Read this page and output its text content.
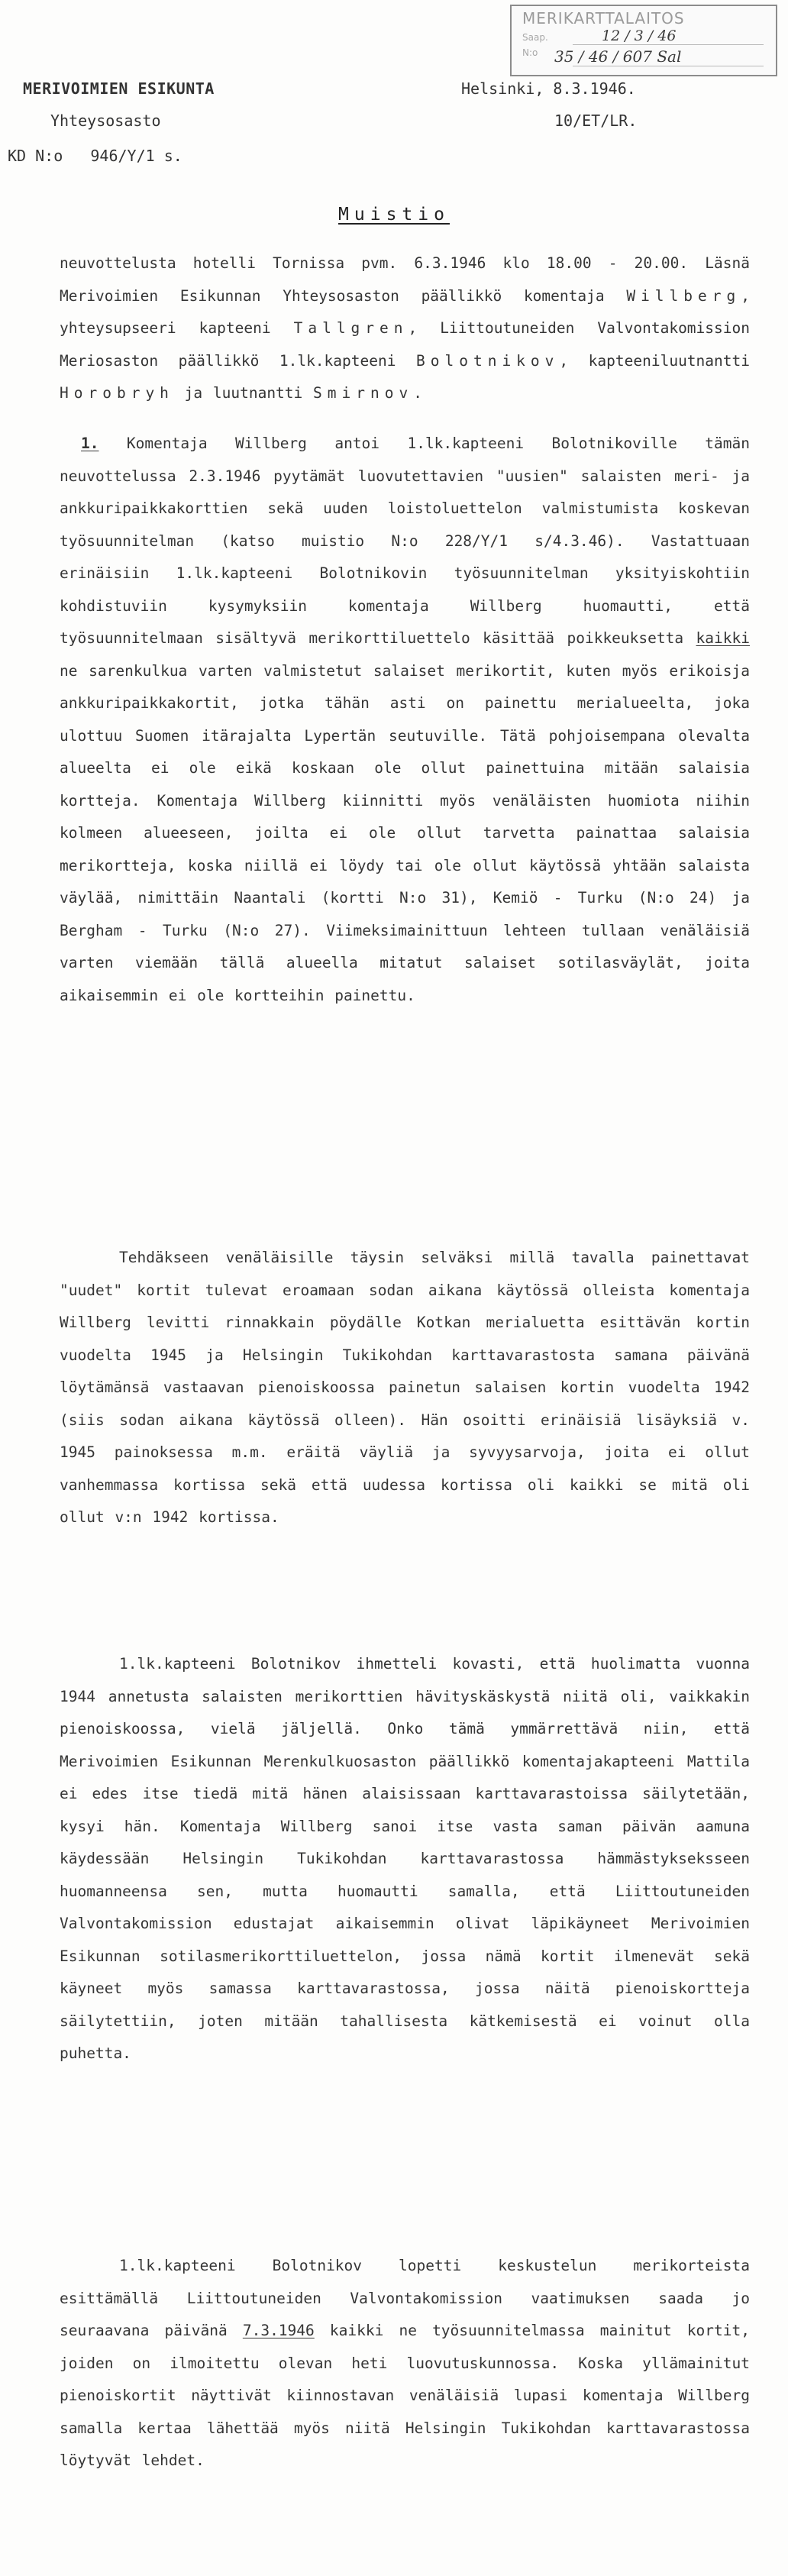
MERIKARTTALAITOS
Saap.
N:o
12 / 3 / 46
35 / 46 / 607 Sal
MERIVOIMIEN ESIKUNTA
Yhteysosasto
KD N:o   946/Y/1 s.
Helsinki, 8.3.1946.
10/ET/LR.
Muistio

neuvottelusta hotelli Tornissa pvm. 6.3.1946 klo 18.00 - 20.00. Läsnä Merivoimien Esikunnan Yhteysosaston päällikkö komentaja Willberg, yhteysupseeri kapteeni Tallgren, Liittoutuneiden Valvontakomission Meriosaston päällikkö 1.lk.kapteeni Bolotnikov, kapteeniluutnantti Horobryh ja luutnantti Smirnov.

1. Komentaja Willberg antoi 1.lk.kapteeni Bolotnikoville tämän neuvottelussa 2.3.1946 pyytämät luovutettavien "uusien" salaisten meri- ja ankkuripaikkakorttien sekä uuden loistoluettelon valmistumista koskevan työsuunnitelman (katso muistio N:o 228/Y/1 s/4.3.46). Vastattuaan erinäisiin 1.lk.kapteeni Bolotnikovin työsuunnitelman yksityiskohtiin kohdistuviin kysymyksiin komentaja Willberg huomautti, että työsuunnitelmaan sisältyvä merikorttiluettelo käsittää poikkeuksetta kaikki ne sarenkulkua varten valmistetut salaiset merikortit, kuten myös erikoisja ankkuripaikkakortit, jotka tähän asti on painettu merialueelta, joka ulottuu Suomen itärajalta Lypertän seutuville. Tätä pohjoisempana olevalta alueelta ei ole eikä koskaan ole ollut painettuina mitään salaisia kortteja. Komentaja Willberg kiinnitti myös venäläisten huomiota niihin kolmeen alueeseen, joilta ei ole ollut tarvetta painattaa salaisia merikortteja, koska niillä ei löydy tai ole ollut käytössä yhtään salaista väylää, nimittäin Naantali (kortti N:o 31), Kemiö - Turku (N:o 24) ja Bergham - Turku (N:o 27). Viimeksimainittuun lehteen tullaan venäläisiä varten viemään tällä alueella mitatut salaiset sotilasväylät, joita aikaisemmin ei ole kortteihin painettu.

Tehdäkseen venäläisille täysin selväksi millä tavalla painettavat "uudet" kortit tulevat eroamaan sodan aikana käytössä olleista komentaja Willberg levitti rinnakkain pöydälle Kotkan merialuetta esittävän kortin vuodelta 1945 ja Helsingin Tukikohdan karttavarastosta samana päivänä löytämänsä vastaavan pienoiskoossa painetun salaisen kortin vuodelta 1942 (siis sodan aikana käytössä olleen). Hän osoitti erinäisiä lisäyksiä v. 1945 painoksessa m.m. eräitä väyliä ja syvyysarvoja, joita ei ollut vanhemmassa kortissa sekä että uudessa kortissa oli kaikki se mitä oli ollut v:n 1942 kortissa.

1.lk.kapteeni Bolotnikov ihmetteli kovasti, että huolimatta vuonna 1944 annetusta salaisten merikorttien hävityskäskystä niitä oli, vaikkakin pienoiskoossa, vielä jäljellä. Onko tämä ymmärrettävä niin, että Merivoimien Esikunnan Merenkulkuosaston päällikkö komentajakapteeni Mattila ei edes itse tiedä mitä hänen alaisissaan karttavarastoissa säilytetään, kysyi hän. Komentaja Willberg sanoi itse vasta saman päivän aamuna käydessään Helsingin Tukikohdan karttavarastossa hämmästykseksseen huomanneensa sen, mutta huomautti samalla, että Liittoutuneiden Valvontakomission edustajat aikaisemmin olivat läpikäyneet Merivoimien Esikunnan sotilasmerikorttiluettelon, jossa nämä kortit ilmenevät sekä käyneet myös samassa karttavarastossa, jossa näitä pienoiskortteja säilytettiin, joten mitään tahallisesta kätkemisestä ei voinut olla puhetta.

1.lk.kapteeni Bolotnikov lopetti keskustelun merikorteista esittämällä Liittoutuneiden Valvontakomission vaatimuksen saada jo seuraavana päivänä 7.3.1946 kaikki ne työsuunnitelmassa mainitut kortit, joiden on ilmoitettu olevan heti luovutuskunnossa. Koska yllämainitut pienoiskortit näyttivät kiinnostavan venäläisiä lupasi komentaja Willberg samalla kertaa lähettää myös niitä Helsingin Tukikohdan karttavarastossa löytyvät lehdet.
